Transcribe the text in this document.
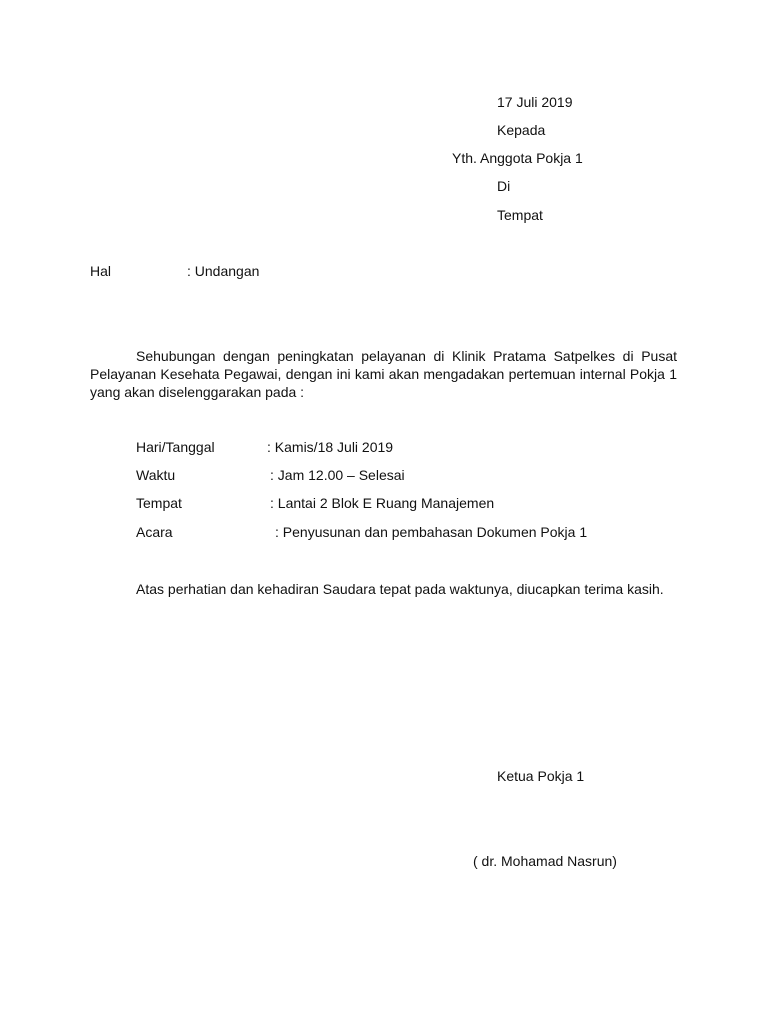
17 Juli 2019
Kepada
Yth. Anggota Pokja 1
Di
Tempat
Hal	: Undangan
Sehubungan dengan peningkatan pelayanan di Klinik Pratama Satpelkes di Pusat Pelayanan Kesehata Pegawai, dengan ini kami akan mengadakan pertemuan internal Pokja 1 yang akan diselenggarakan pada :
Hari/Tanggal	: Kamis/18 Juli 2019
Waktu	: Jam 12.00 – Selesai
Tempat	: Lantai 2 Blok E Ruang Manajemen
Acara	: Penyusunan dan pembahasan Dokumen Pokja 1
Atas perhatian dan kehadiran Saudara tepat pada waktunya, diucapkan terima kasih.
Ketua Pokja 1
( dr. Mohamad Nasrun)
